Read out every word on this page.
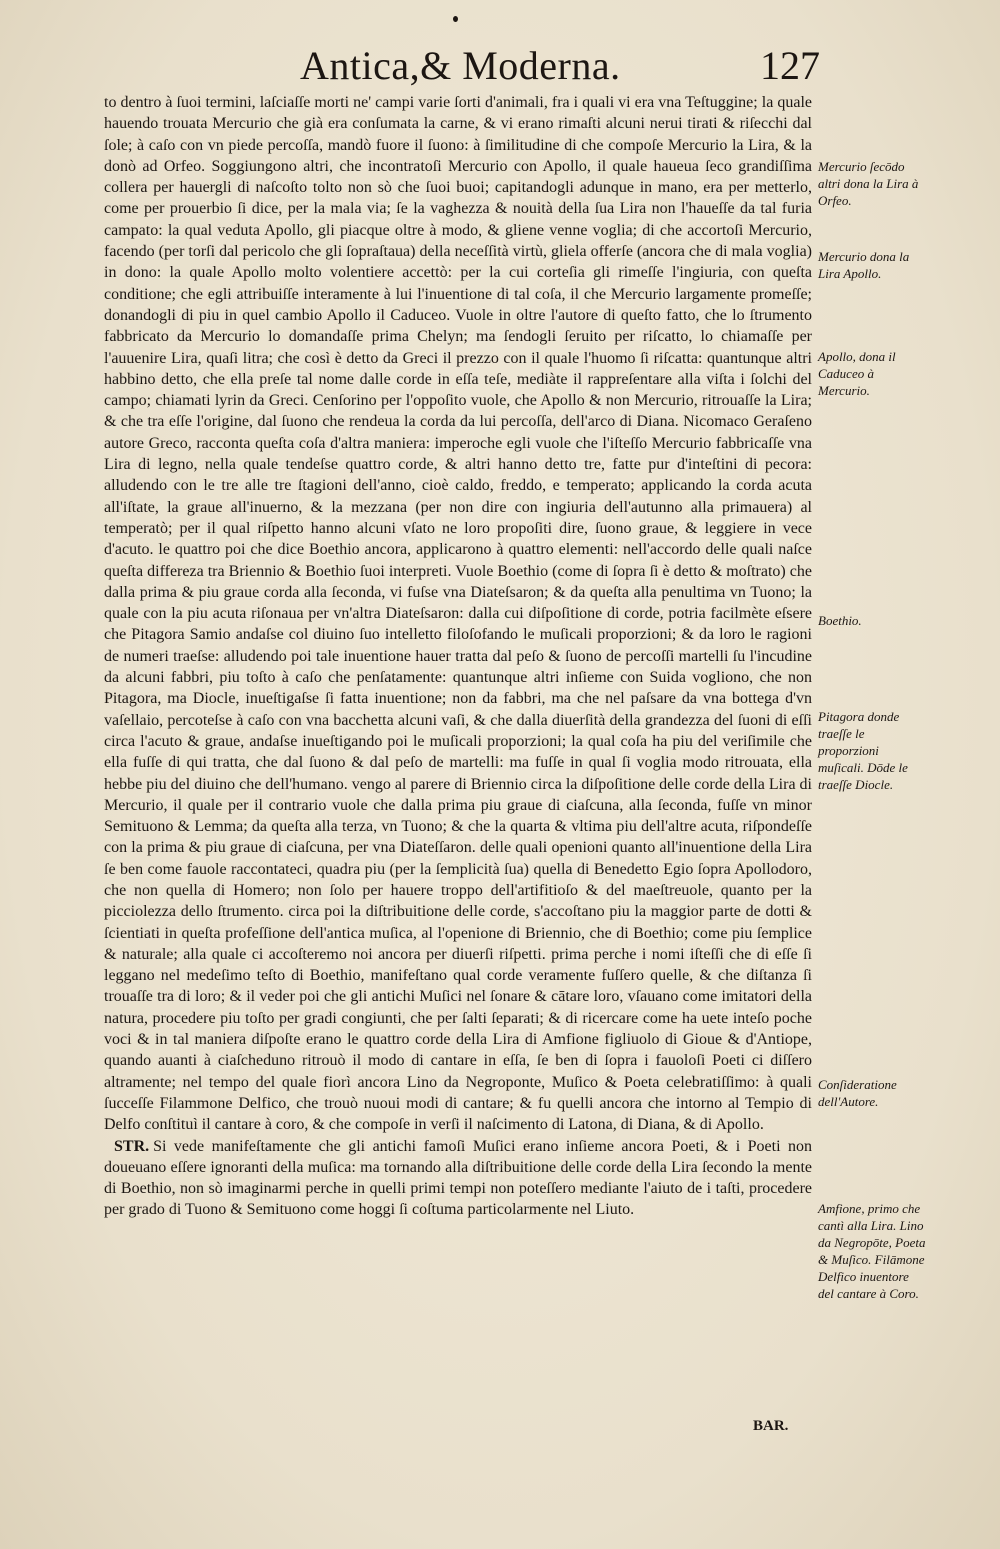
Antica,& Moderna.	127

to dentro à ſuoi termini, laſciaſſe morti ne' campi varie ſorti d'animali, fra i quali vi era vna Teſtuggine; la quale hauendo trouata Mercurio che già era conſumata la carne, & vi erano rimaſti alcuni nerui tirati & riſecchi dal ſole; à caſo con vn piede percoſſa, mandò fuore il ſuono: à ſimilitudine di che compoſe Mercurio la Lira, & la donò ad Orfeo. Soggiungono altri, che incontratoſi Mercurio con Apollo, il quale haueua ſeco grandiſſima collera per hauergli di naſcoſto tolto non sò che ſuoi buoi; capitandogli adunque in mano, era per metterlo, come per prouerbio ſi dice, per la mala via; ſe la vaghezza & nouità della ſua Lira non l'haueſſe da tal furia campato: la qual veduta Apollo, gli piacque oltre à modo, & gliene venne voglia; di che accortoſi Mercurio, facendo (per torſi dal pericolo che gli ſopraſtaua) della neceſſità virtù, gliela offerſe (ancora che di mala voglia) in dono: la quale Apollo molto volentiere accettò: per la cui corteſia gli rimeſſe l'ingiuria, con queſta conditione; che egli attribuiſſe interamente à lui l'inuentione di tal coſa, il che Mercurio largamente promeſſe; donandogli di piu in quel cambio Apollo il Caduceo. Vuole in oltre l'autore di queſto fatto, che lo ſtrumento fabbricato da Mercurio lo domandaſſe prima Chelyn; ma ſendogli ſeruito per riſcatto, lo chiamaſſe per l'auuenire Lira, quaſi litra; che così è detto da Greci il prezzo con il quale l'huomo ſi riſcatta: quantunque altri habbino detto, che ella preſe tal nome dalle corde in eſſa teſe, mediàte il rappreſentare alla viſta i ſolchi del campo; chiamati lyrin da Greci. Cenſorino per l'oppoſito vuole, che Apollo & non Mercurio, ritrouaſſe la Lira; & che tra eſſe l'origine, dal ſuono che rendeua la corda da lui percoſſa, dell'arco di Diana. Nicomaco Geraſeno autore Greco, racconta queſta coſa d'altra maniera: imperoche egli vuole che l'iſteſſo Mercurio fabbricaſſe vna Lira di legno, nella quale tendeſse quattro corde, & altri hanno detto tre, fatte pur d'inteſtini di pecora: alludendo con le tre alle tre ſtagioni dell'anno, cioè caldo, freddo, e temperato; applicando la corda acuta all'iſtate, la graue all'inuerno, & la mezzana (per non dire con ingiuria dell'autunno alla primauera) al temperatò; per il qual riſpetto hanno alcuni vſato ne loro propoſiti dire, ſuono graue, & leggiere in vece d'acuto. le quattro poi che dice Boethio ancora, applicarono à quattro elementi: nell'accordo delle quali naſce queſta differeza tra Briennio & Boethio ſuoi interpreti. Vuole Boethio (come di ſopra ſi è detto & moſtrato) che dalla prima & piu graue corda alla ſeconda, vi fuſse vna Diateſsaron; & da queſta alla penultima vn Tuono; la quale con la piu acuta riſonaua per vn'altra Diateſsaron: dalla cui diſpoſitione di corde, potria facilmète eſsere che Pitagora Samio andaſse col diuino ſuo intelletto filoſofando le muſicali proporzioni; & da loro le ragioni de numeri traeſse: alludendo poi tale inuentione hauer tratta dal peſo & ſuono de percoſſi martelli ſu l'incudine da alcuni fabbri, piu toſto à caſo che penſatamente: quantunque altri inſieme con Suida vogliono, che non Pitagora, ma Diocle, inueſtigaſse ſi fatta inuentione; non da fabbri, ma che nel paſsare da vna bottega d'vn vaſellaio, percoteſse à caſo con vna bacchetta alcuni vaſi, & che dalla diuerſità della grandezza del ſuoni di eſſi circa l'acuto & graue, andaſse inueſtigando poi le muſicali proporzioni; la qual coſa ha piu del veriſimile che ella fuſſe di qui tratta, che dal ſuono & dal peſo de martelli: ma fuſſe in qual ſi voglia modo ritrouata, ella hebbe piu del diuino che dell'humano. vengo al parere di Briennio circa la diſpoſitione delle corde della Lira di Mercurio, il quale per il contrario vuole che dalla prima piu graue di ciaſcuna, alla ſeconda, fuſſe vn minor Semituono & Lemma; da queſta alla terza, vn Tuono; & che la quarta & vltima piu dell'altre acuta, riſpondeſſe con la prima & piu graue di ciaſcuna, per vna Diateſſaron. delle quali openioni quanto all'inuentione della Lira ſe ben come fauole raccontateci, quadra piu (per la ſemplicità ſua) quella di Benedetto Egio ſopra Apollodoro, che non quella di Homero; non ſolo per hauere troppo dell'artifitioſo & del maeſtreuole, quanto per la picciolezza dello ſtrumento. circa poi la diſtribuitione delle corde, s'accoſtano piu la maggior parte de dotti & ſcientiati in queſta profeſſione dell'antica muſica, al l'openione di Briennio, che di Boethio; come piu ſemplice & naturale; alla quale ci accoſteremo noi ancora per diuerſi riſpetti. prima perche i nomi iſteſſi che di eſſe ſi leggano nel medeſimo teſto di Boethio, manifeſtano qual corde veramente fuſſero quelle, & che diſtanza ſi trouaſſe tra di loro; & il veder poi che gli antichi Muſici nel ſonare & cātare loro, vſauano come imitatori della natura, procedere piu toſto per gradi congiunti, che per ſalti ſeparati; & di ricercare come ha uete inteſo poche voci & in tal maniera diſpoſte erano le quattro corde della Lira di Amfione figliuolo di Gioue & d'Antiope, quando auanti à ciaſcheduno ritrouò il modo di cantare in eſſa, ſe ben di ſopra i fauoloſi Poeti ci diſſero altramente; nel tempo del quale fiorì ancora Lino da Negroponte, Muſico & Poeta celebratiſſimo: à quali ſucceſſe Filammone Delfico, che trouò nuoui modi di cantare; & fu quelli ancora che intorno al Tempio di Delfo conſtituì il cantare à coro, & che compoſe in verſi il naſcimento di Latona, di Diana, & di Apollo.

STR. Si vede manifeſtamente che gli antichi famoſi Muſici erano inſieme ancora Poeti, & i Poeti non doueuano eſſere ignoranti della muſica: ma tornando alla diſtribuitione delle corde della Lira ſecondo la mente di Boethio, non sò imaginarmi perche in quelli primi tempi non poteſſero mediante l'aiuto de i taſti, procedere per grado di Tuono & Semituono come hoggi ſi coſtuma particolarmente nel Liuto.

Mercurio ſecōdo altri dona la Lira à Orfeo.
Mercurio dona la Lira Apollo.
Apollo, dona il Caduceo à Mercurio.
Boethio.
Pitagora donde traeſſe le proporzioni muſicali. Dōde le traeſſe Diocle.
Conſideratione dell'Autore.
Amfione, primo che cantì alla Lira. Lino da Negropōte, Poeta & Muſico. Filāmone Delfico inuentore del cantare à Coro.
BAR.
